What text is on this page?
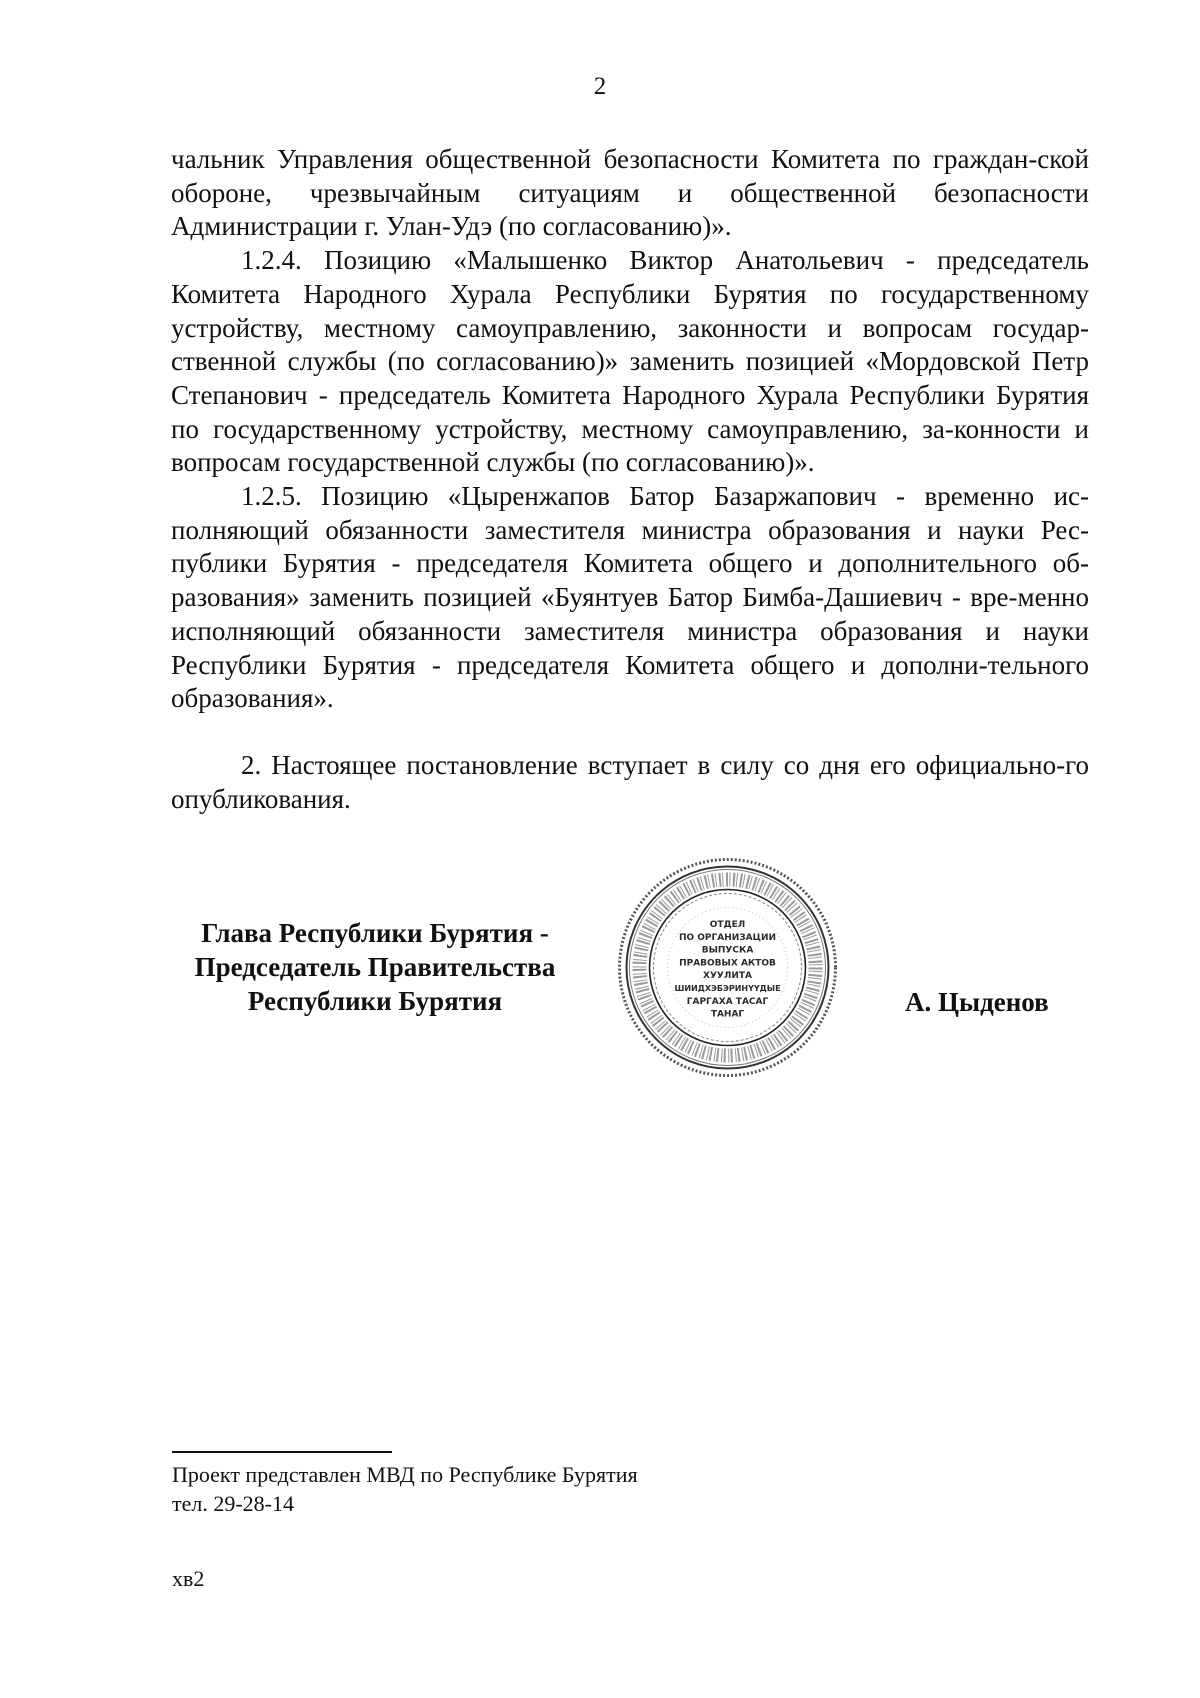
2

чальник Управления общественной безопасности Комитета по граждан-ской обороне, чрезвычайным ситуациям и общественной безопасности Администрации г. Улан-Удэ (по согласованию)».

1.2.4. Позицию «Малышенко Виктор Анатольевич - председатель Комитета Народного Хурала Республики Бурятия по государственному устройству, местному самоуправлению, законности и вопросам государ-ственной службы (по согласованию)» заменить позицией «Мордовской Петр Степанович - председатель Комитета Народного Хурала Республики Бурятия по государственному устройству, местному самоуправлению, за-конности и вопросам государственной службы (по согласованию)».

1.2.5. Позицию «Цыренжапов Батор Базаржапович - временно ис-полняющий обязанности заместителя министра образования и науки Рес-публики Бурятия - председателя Комитета общего и дополнительного об-разования» заменить позицией «Буянтуев Батор Бимба-Дашиевич - вре-менно исполняющий обязанности заместителя министра образования и науки Республики Бурятия - председателя Комитета общего и дополни-тельного образования».

2. Настоящее постановление вступает в силу со дня его официально-го опубликования.

Глава Республики Бурятия -
Председатель Правительства
Республики Бурятия
ОТДЕЛ
ПО ОРГАНИЗАЦИИ
ВЫПУСКА
ПРАВОВЫХ АКТОВ
ХУУЛИТА
ШИИДХЭБЭРИНҮҮДЫЕ
ГАРГАХА ТАСАГ
ТАНАГ	А. Цыденов
Проект представлен МВД по Республике Бурятия
тел. 29-28-14
хв2
